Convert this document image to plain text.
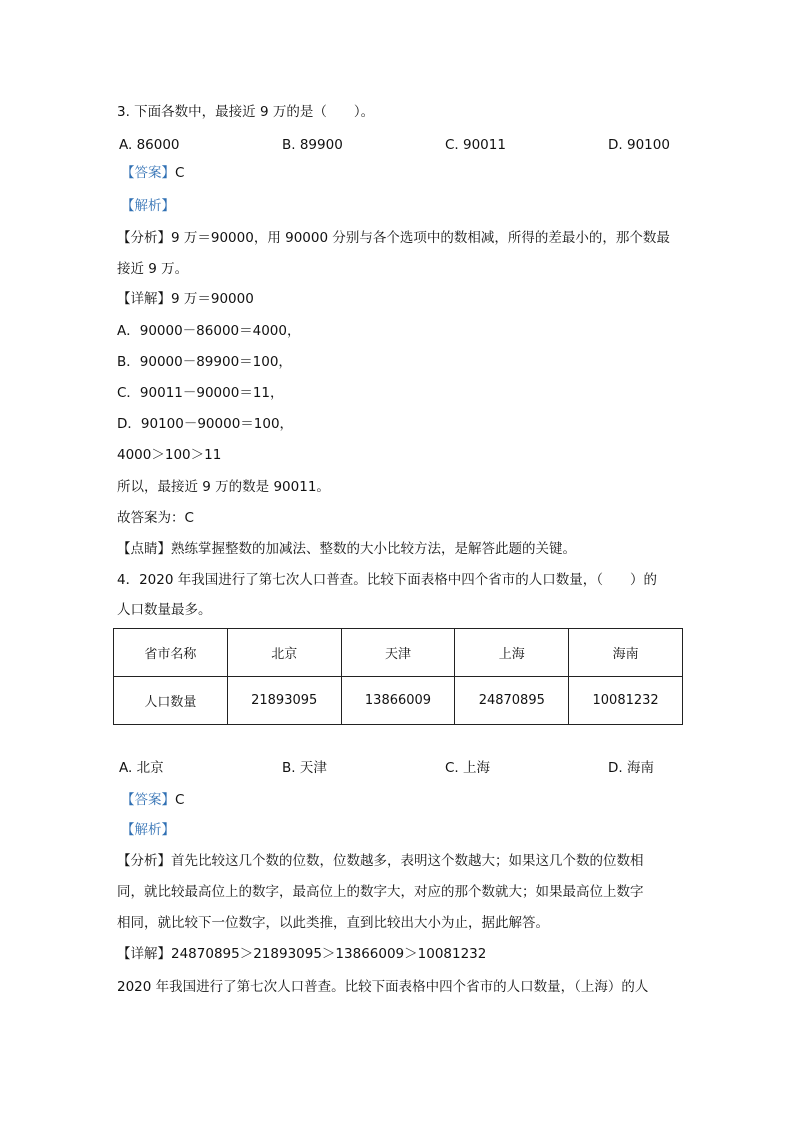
3. 下面各数中，最接近 9 万的是（　　）。
A. 86000	B. 89900	C. 90011	D. 90100
【答案】C
【解析】
【分析】9 万＝90000，用 90000 分别与各个选项中的数相减，所得的差最小的，那个数最
接近 9 万。
【详解】9 万＝90000
A．90000－86000＝4000，
B．90000－89900＝100，
C．90011－90000＝11，
D．90100－90000＝100，
4000＞100＞11
所以，最接近 9 万的数是 90011。
故答案为：C
【点睛】熟练掌握整数的加减法、整数的大小比较方法，是解答此题的关键。
4．2020 年我国进行了第七次人口普查。比较下面表格中四个省市的人口数量，（　　）的
人口数量最多。
省市名称	北京	天津	上海	海南
人口数量	21893095	13866009	24870895	10081232
A. 北京	B. 天津	C. 上海	D. 海南
【答案】C
【解析】
【分析】首先比较这几个数的位数，位数越多，表明这个数越大；如果这几个数的位数相
同，就比较最高位上的数字，最高位上的数字大，对应的那个数就大；如果最高位上数字
相同，就比较下一位数字，以此类推，直到比较出大小为止，据此解答。
【详解】24870895＞21893095＞13866009＞10081232
2020 年我国进行了第七次人口普查。比较下面表格中四个省市的人口数量，（上海）的人
